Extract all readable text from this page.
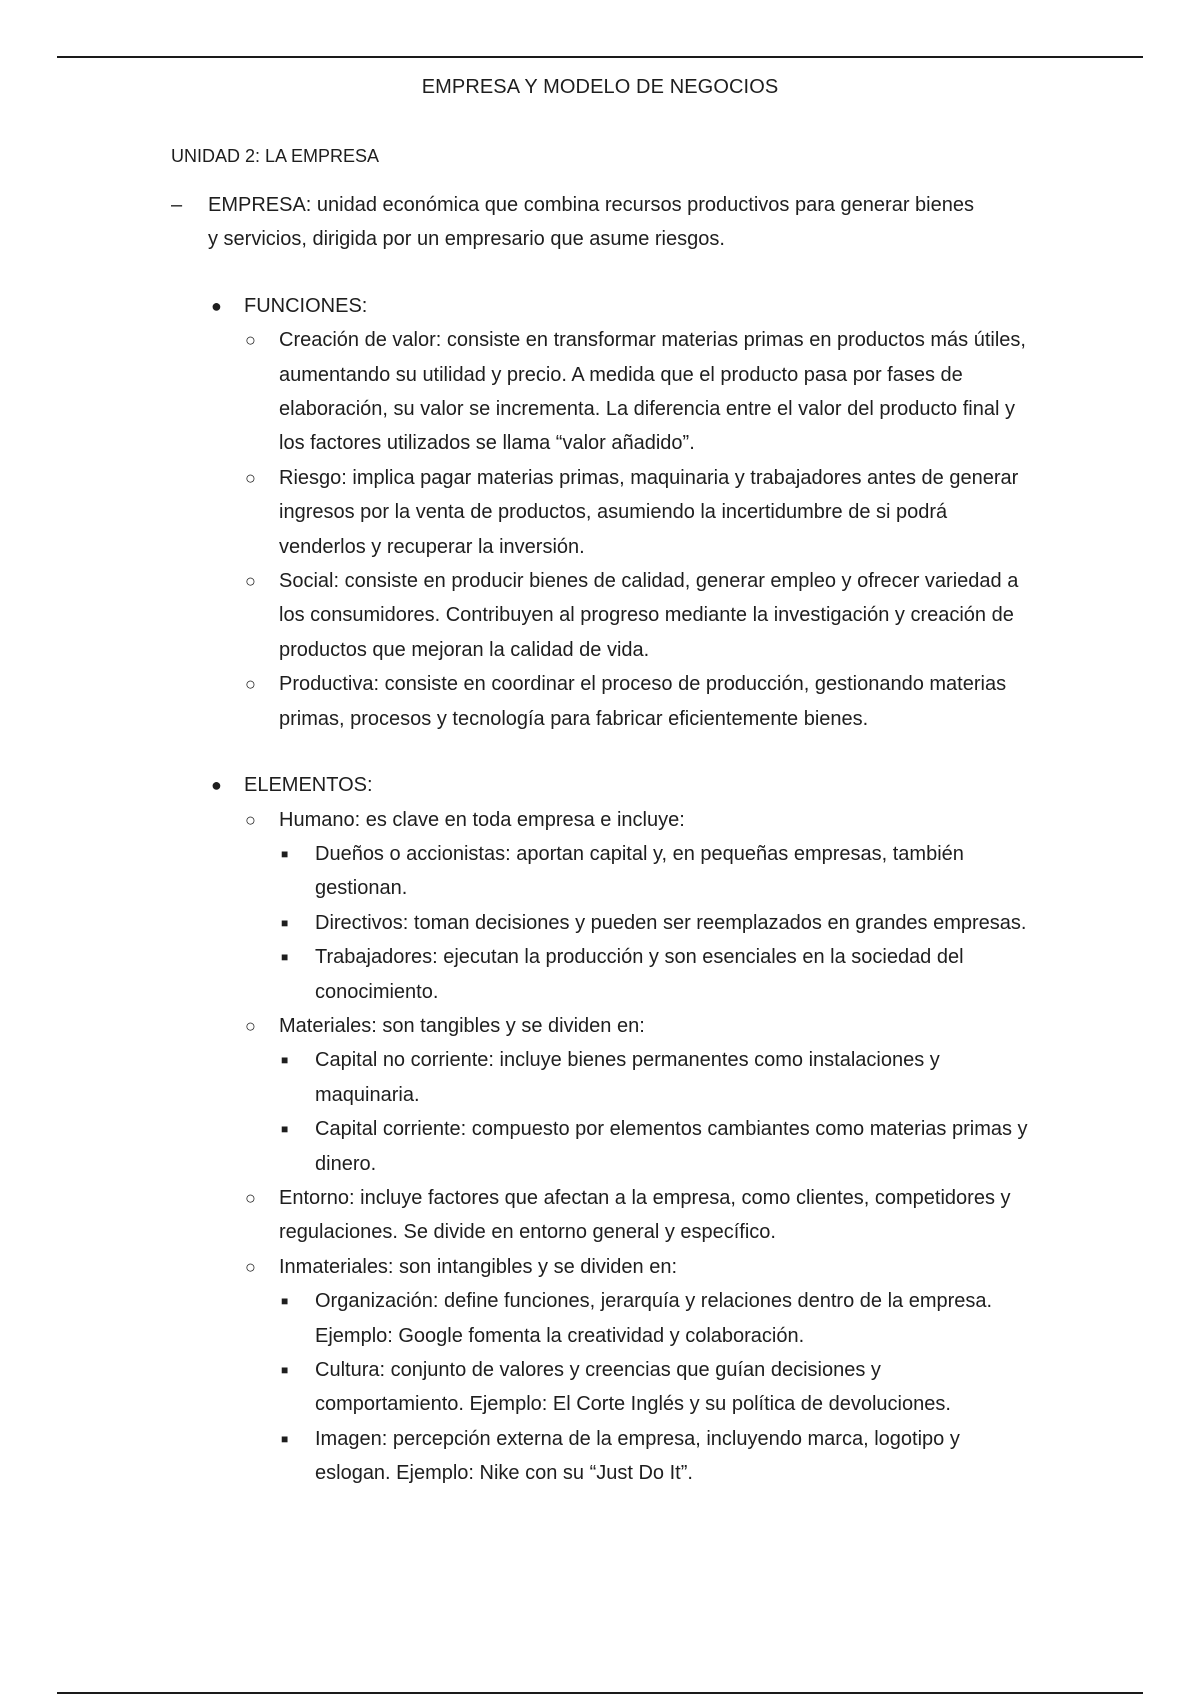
EMPRESA Y MODELO DE NEGOCIOS
UNIDAD 2: LA EMPRESA
– EMPRESA: unidad económica que combina recursos productivos para generar bienes y servicios, dirigida por un empresario que asume riesgos.
● FUNCIONES:
○ Creación de valor: consiste en transformar materias primas en productos más útiles, aumentando su utilidad y precio. A medida que el producto pasa por fases de elaboración, su valor se incrementa. La diferencia entre el valor del producto final y los factores utilizados se llama “valor añadido”.
○ Riesgo: implica pagar materias primas, maquinaria y trabajadores antes de generar ingresos por la venta de productos, asumiendo la incertidumbre de si podrá venderlos y recuperar la inversión.
○ Social: consiste en producir bienes de calidad, generar empleo y ofrecer variedad a los consumidores. Contribuyen al progreso mediante la investigación y creación de productos que mejoran la calidad de vida.
○ Productiva: consiste en coordinar el proceso de producción, gestionando materias primas, procesos y tecnología para fabricar eficientemente bienes.
● ELEMENTOS:
○ Humano: es clave en toda empresa e incluye:
■ Dueños o accionistas: aportan capital y, en pequeñas empresas, también gestionan.
■ Directivos: toman decisiones y pueden ser reemplazados en grandes empresas.
■ Trabajadores: ejecutan la producción y son esenciales en la sociedad del conocimiento.
○ Materiales: son tangibles y se dividen en:
■ Capital no corriente: incluye bienes permanentes como instalaciones y maquinaria.
■ Capital corriente: compuesto por elementos cambiantes como materias primas y dinero.
○ Entorno: incluye factores que afectan a la empresa, como clientes, competidores y regulaciones. Se divide en entorno general y específico.
○ Inmateriales: son intangibles y se dividen en:
■ Organización: define funciones, jerarquía y relaciones dentro de la empresa. Ejemplo: Google fomenta la creatividad y colaboración.
■ Cultura: conjunto de valores y creencias que guían decisiones y comportamiento. Ejemplo: El Corte Inglés y su política de devoluciones.
■ Imagen: percepción externa de la empresa, incluyendo marca, logotipo y eslogan. Ejemplo: Nike con su “Just Do It”.
